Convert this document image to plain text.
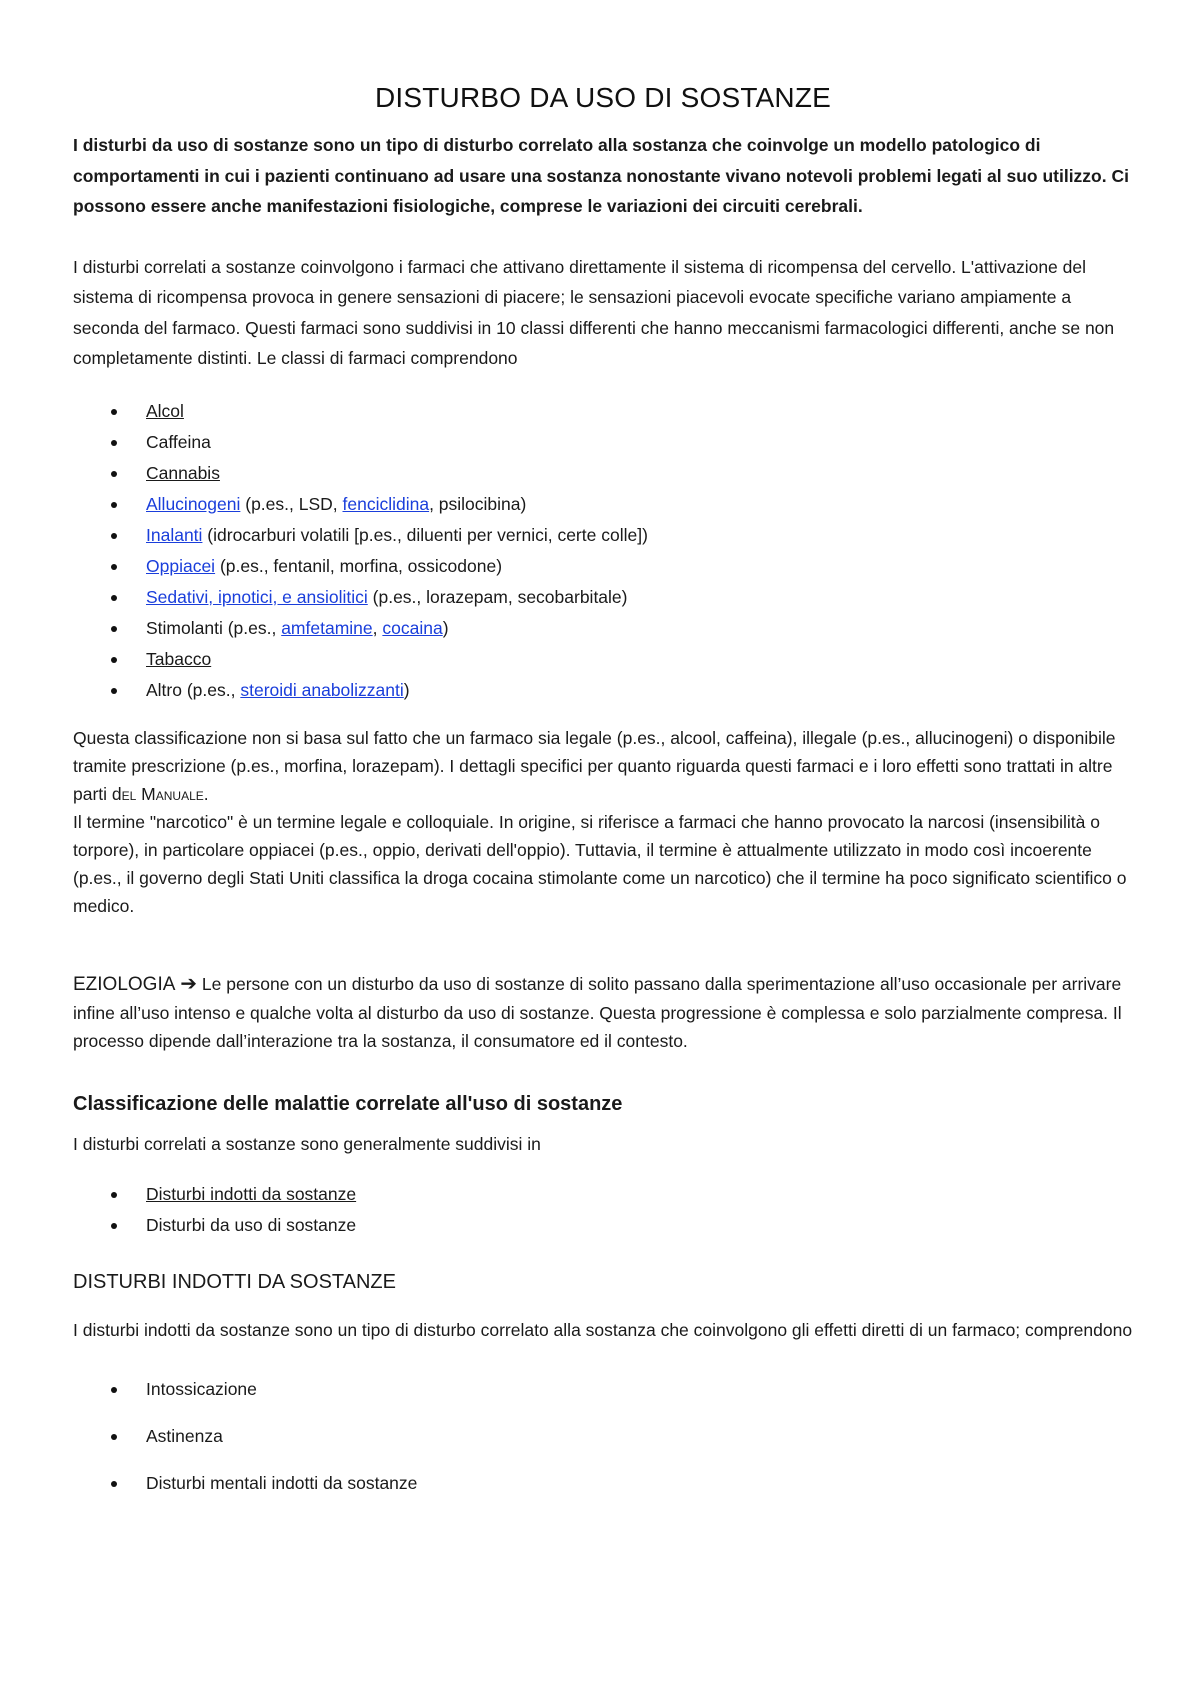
DISTURBO DA USO DI SOSTANZE

I disturbi da uso di sostanze sono un tipo di disturbo correlato alla sostanza che coinvolge un modello patologico di comportamenti in cui i pazienti continuano ad usare una sostanza nonostante vivano notevoli problemi legati al suo utilizzo. Ci possono essere anche manifestazioni fisiologiche, comprese le variazioni dei circuiti cerebrali.

I disturbi correlati a sostanze coinvolgono i farmaci che attivano direttamente il sistema di ricompensa del cervello. L'attivazione del sistema di ricompensa provoca in genere sensazioni di piacere; le sensazioni piacevoli evocate specifiche variano ampiamente a seconda del farmaco. Questi farmaci sono suddivisi in 10 classi differenti che hanno meccanismi farmacologici differenti, anche se non completamente distinti. Le classi di farmaci comprendono

Alcol
Caffeina
Cannabis
Allucinogeni (p.es., LSD, fenciclidina, psilocibina)
Inalanti (idrocarburi volatili [p.es., diluenti per vernici, certe colle])
Oppiacei (p.es., fentanil, morfina, ossicodone)
Sedativi, ipnotici, e ansiolitici (p.es., lorazepam, secobarbitale)
Stimolanti (p.es., amfetamine, cocaina)
Tabacco
Altro (p.es., steroidi anabolizzanti)

Questa classificazione non si basa sul fatto che un farmaco sia legale (p.es., alcool, caffeina), illegale (p.es., allucinogeni) o disponibile tramite prescrizione (p.es., morfina, lorazepam). I dettagli specifici per quanto riguarda questi farmaci e i loro effetti sono trattati in altre parti del Manuale.

Il termine "narcotico" è un termine legale e colloquiale. In origine, si riferisce a farmaci che hanno provocato la narcosi (insensibilità o torpore), in particolare oppiacei (p.es., oppio, derivati dell'oppio). Tuttavia, il termine è attualmente utilizzato in modo così incoerente (p.es., il governo degli Stati Uniti classifica la droga cocaina stimolante come un narcotico) che il termine ha poco significato scientifico o medico.

EZIOLOGIA ➔ Le persone con un disturbo da uso di sostanze di solito passano dalla sperimentazione all’uso occasionale per arrivare infine all’uso intenso e qualche volta al disturbo da uso di sostanze. Questa progressione è complessa e solo parzialmente compresa. Il processo dipende dall’interazione tra la sostanza, il consumatore ed il contesto.

Classificazione delle malattie correlate all'uso di sostanze

I disturbi correlati a sostanze sono generalmente suddivisi in

Disturbi indotti da sostanze
Disturbi da uso di sostanze
DISTURBI INDOTTI DA SOSTANZE

I disturbi indotti da sostanze sono un tipo di disturbo correlato alla sostanza che coinvolgono gli effetti diretti di un farmaco; comprendono

Intossicazione
Astinenza
Disturbi mentali indotti da sostanze
